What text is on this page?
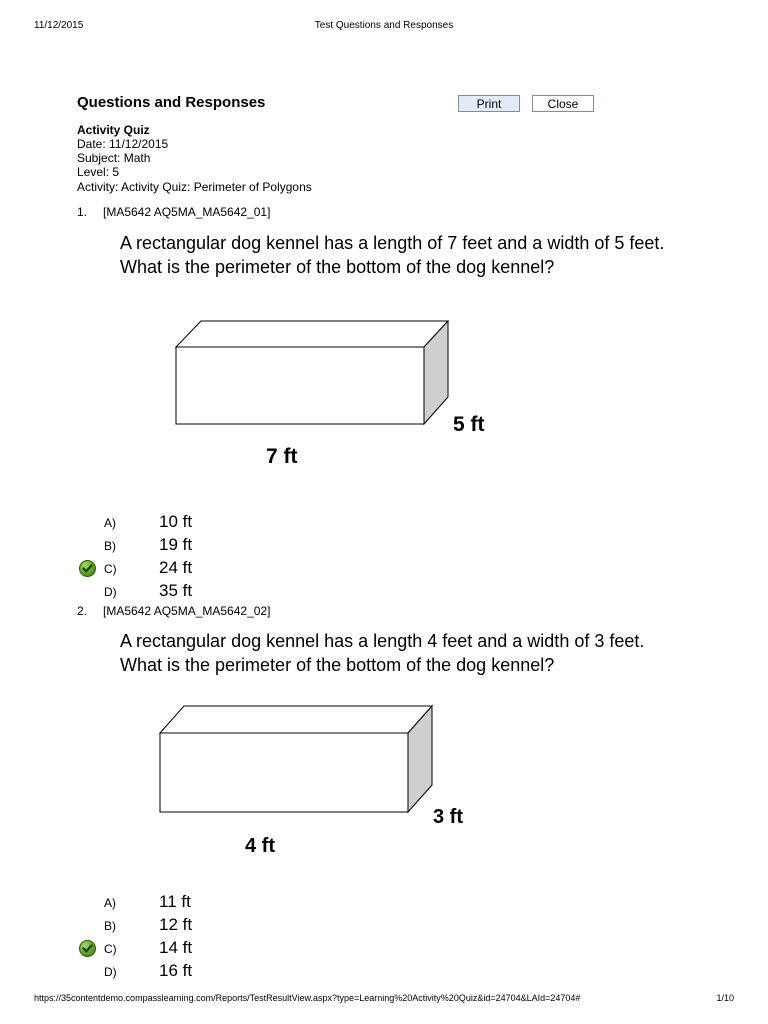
11/12/2015	Test Questions and Responses
Questions and Responses	Print	Close
Activity Quiz
Date: 11/12/2015
Subject: Math
Level: 5
Activity: Activity Quiz: Perimeter of Polygons
1. [MA5642 AQ5MA_MA5642_01]
A rectangular dog kennel has a length of 7 feet and a width of 5 feet. What is the perimeter of the bottom of the dog kennel?
5 ft
7 ft
A)	10 ft
B)	19 ft
C) 24 ft
D) 35 ft
2. [MA5642 AQ5MA_MA5642_02]
A rectangular dog kennel has a length 4 feet and a width of 3 feet. What is the perimeter of the bottom of the dog kennel?
3 ft
4 ft
A)	11 ft
B)	12 ft
C) 14 ft
D) 16 ft
https://35contentdemo.compasslearning.com/Reports/TestResultView.aspx?type=Learning%20Activity%20Quiz&id=24704&LAId=24704#	1/10
